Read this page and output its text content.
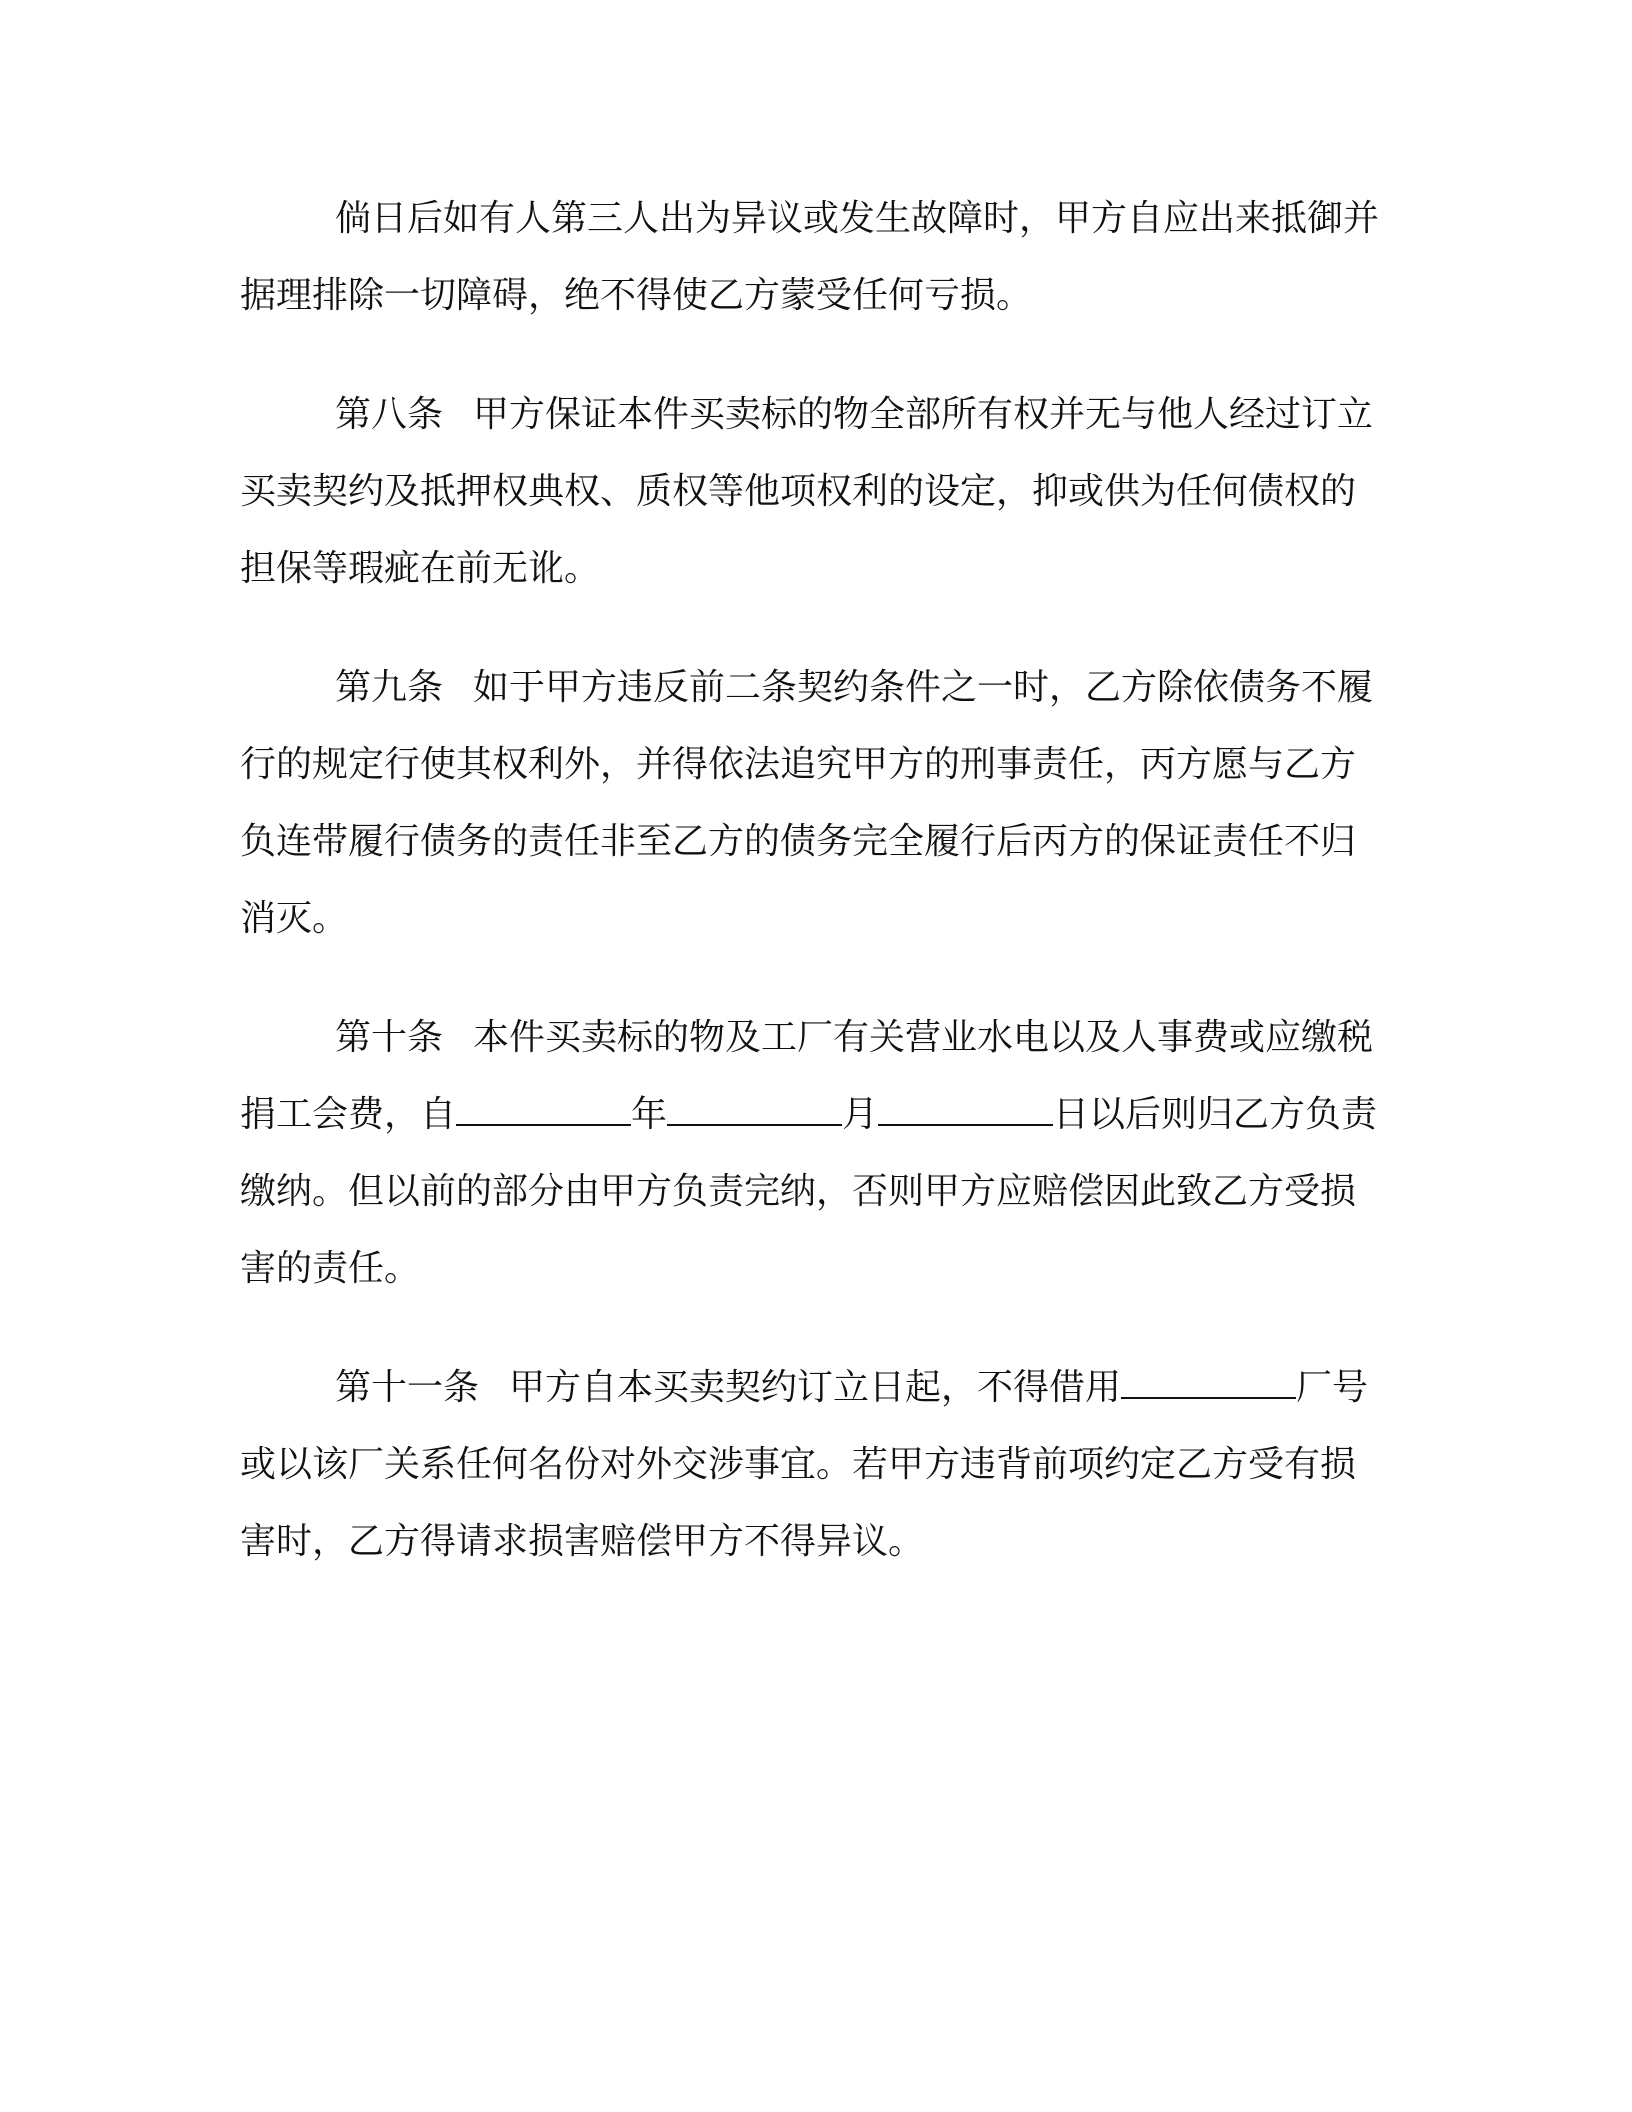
倘日后如有人第三人出为异议或发生故障时，甲方自应出来抵御并据理排除一切障碍，绝不得使乙方蒙受任何亏损。

第八条 甲方保证本件买卖标的物全部所有权并无与他人经过订立买卖契约及抵押权典权、质权等他项权利的设定，抑或供为任何债权的担保等瑕疵在前无讹。

第九条 如于甲方违反前二条契约条件之一时，乙方除依债务不履行的规定行使其权利外，并得依法追究甲方的刑事责任，丙方愿与乙方负连带履行债务的责任非至乙方的债务完全履行后丙方的保证责任不归消灭。

第十条 本件买卖标的物及工厂有关营业水电以及人事费或应缴税捐工会费，自	年	月	日以后则归乙方负责缴纳。但以前的部分由甲方负责完纳，否则甲方应赔偿因此致乙方受损害的责任。

第十一条 甲方自本买卖契约订立日起，不得借用	厂号或以该厂关系任何名份对外交涉事宜。若甲方违背前项约定乙方受有损害时，乙方得请求损害赔偿甲方不得异议。
